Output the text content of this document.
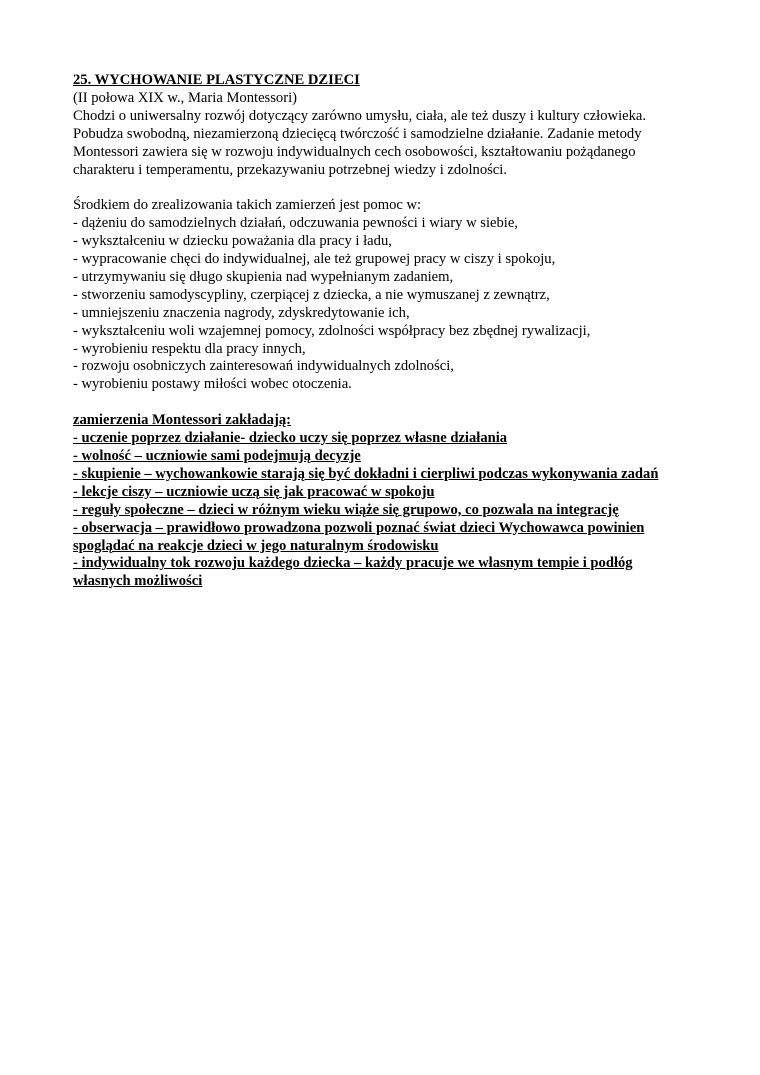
25. WYCHOWANIE PLASTYCZNE DZIECI
(II połowa XIX w., Maria Montessori)
Chodzi o uniwersalny rozwój dotyczący zarówno umysłu, ciała, ale też duszy i kultury człowieka.
Pobudza swobodną, niezamierzoną dziecięcą twórczość i samodzielne działanie. Zadanie metody
Montessori zawiera się w rozwoju indywidualnych cech osobowości, kształtowaniu pożądanego
charakteru i temperamentu, przekazywaniu potrzebnej wiedzy i zdolności.
Środkiem do zrealizowania takich zamierzeń jest pomoc w:
- dążeniu do samodzielnych działań, odczuwania pewności i wiary w siebie,
- wykształceniu w dziecku poważania dla pracy i ładu,
- wypracowanie chęci do indywidualnej, ale też grupowej pracy w ciszy i spokoju,
- utrzymywaniu się długo skupienia nad wypełnianym zadaniem,
- stworzeniu samodyscypliny, czerpiącej z dziecka, a nie wymuszanej z zewnątrz,
- umniejszeniu znaczenia nagrody, zdyskredytowanie ich,
- wykształceniu woli wzajemnej pomocy, zdolności współpracy bez zbędnej rywalizacji,
- wyrobieniu respektu dla pracy innych,
- rozwoju osobniczych zainteresowań indywidualnych zdolności,
- wyrobieniu postawy miłości wobec otoczenia.
zamierzenia Montessori zakładają:
- uczenie poprzez działanie- dziecko uczy się poprzez własne działania
- wolność – uczniowie sami podejmują decyzje
- skupienie – wychowankowie starają się być dokładni i cierpliwi podczas wykonywania zadań
- lekcje ciszy – uczniowie uczą się jak pracować w spokoju
- reguły społeczne – dzieci w różnym wieku wiąże się grupowo, co pozwala na integrację
- obserwacja – prawidłowo prowadzona pozwoli poznać świat dzieci Wychowawca powinien
spoglądać na reakcje dzieci w jego naturalnym środowisku
- indywidualny tok rozwoju każdego dziecka – każdy pracuje we własnym tempie i podłóg
własnych możliwości
